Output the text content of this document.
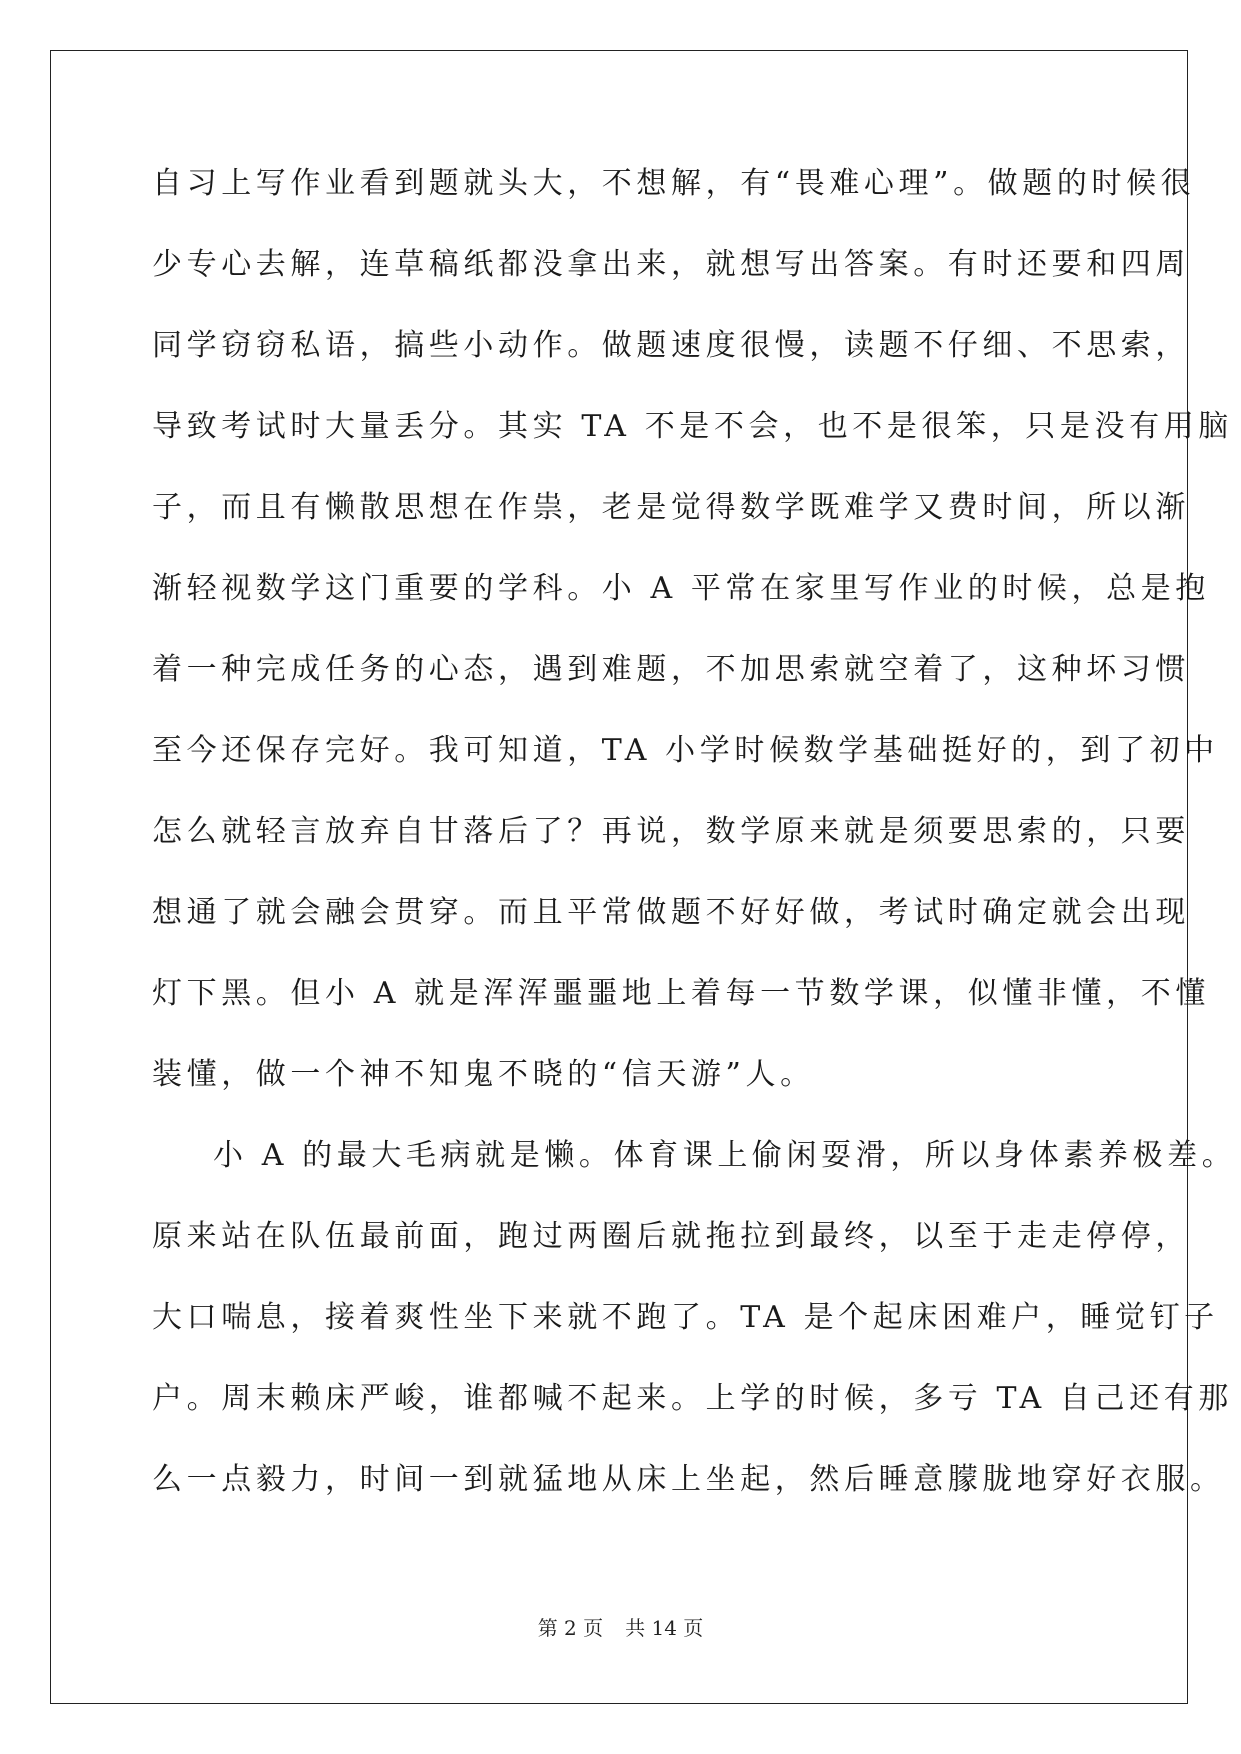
自习上写作业看到题就头大，不想解，有“畏难心理”。做题的时候很
少专心去解，连草稿纸都没拿出来，就想写出答案。有时还要和四周
同学窃窃私语，搞些小动作。做题速度很慢，读题不仔细、不思索，
导致考试时大量丢分。其实 TA 不是不会，也不是很笨，只是没有用脑
子，而且有懒散思想在作祟，老是觉得数学既难学又费时间，所以渐
渐轻视数学这门重要的学科。小 A 平常在家里写作业的时候，总是抱
着一种完成任务的心态，遇到难题，不加思索就空着了，这种坏习惯
至今还保存完好。我可知道，TA 小学时候数学基础挺好的，到了初中
怎么就轻言放弃自甘落后了？再说，数学原来就是须要思索的，只要
想通了就会融会贯穿。而且平常做题不好好做，考试时确定就会出现
灯下黑。但小 A 就是浑浑噩噩地上着每一节数学课，似懂非懂，不懂
装懂，做一个神不知鬼不晓的“信天游”人。
小 A 的最大毛病就是懒。体育课上偷闲耍滑，所以身体素养极差。
原来站在队伍最前面，跑过两圈后就拖拉到最终，以至于走走停停，
大口喘息，接着爽性坐下来就不跑了。TA 是个起床困难户，睡觉钉子
户。周末赖床严峻，谁都喊不起来。上学的时候，多亏 TA 自己还有那
么一点毅力，时间一到就猛地从床上坐起，然后睡意朦胧地穿好衣服。
第 2 页 共 14 页
